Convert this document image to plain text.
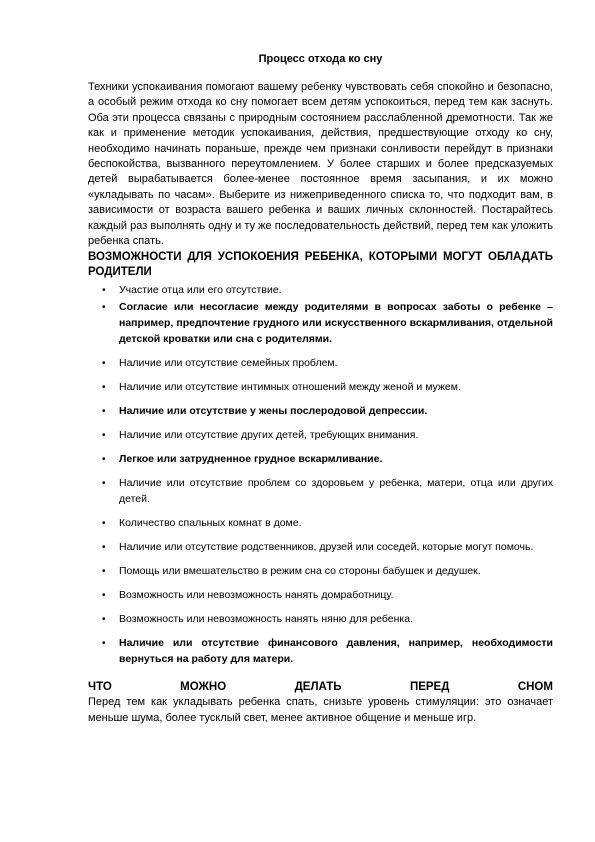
Процесс отхода ко сну

Техники успокаивания помогают вашему ребенку чувствовать себя спокойно и безопасно, а особый режим отхода ко сну помогает всем детям успокоиться, перед тем как заснуть. Оба эти процесса связаны с природным состоянием расслабленной дремотности. Так же как и применение методик успокаивания, действия, предшествующие отходу ко сну, необходимо начинать пораньше, прежде чем признаки сонливости перейдут в признаки беспокойства, вызванного переутомлением. У более старших и более предсказуемых детей вырабатывается более-менее постоянное время засыпания, и их можно «укладывать по часам». Выберите из нижеприведенного списка то, что подходит вам, в зависимости от возраста вашего ребенка и ваших личных склонностей. Постарайтесь каждый раз выполнять одну и ту же последовательность действий, перед тем как уложить ребенка спать.

ВОЗМОЖНОСТИ ДЛЯ УСПОКОЕНИЯ РЕБЕНКА, КОТОРЫМИ МОГУТ ОБЛАДАТЬ РОДИТЕЛИ

• Участие отца или его отсутствие.
• Согласие или несогласие между родителями в вопросах заботы о ребенке – например, предпочтение грудного или искусственного вскармливания, отдельной детской кроватки или сна с родителями.
• Наличие или отсутствие семейных проблем.
• Наличие или отсутствие интимных отношений между женой и мужем.
• Наличие или отсутствие у жены послеродовой депрессии.
• Наличие или отсутствие других детей, требующих внимания.
• Легкое или затрудненное грудное вскармливание.
• Наличие или отсутствие проблем со здоровьем у ребенка, матери, отца или других детей.
• Количество спальных комнат в доме.
• Наличие или отсутствие родственников, друзей или соседей, которые могут помочь.
• Помощь или вмешательство в режим сна со стороны бабушек и дедушек.
• Возможность или невозможность нанять домработницу.
• Возможность или невозможность нанять няню для ребенка.
• Наличие или отсутствие финансового давления, например, необходимости вернуться на работу для матери.
ЧТО	МОЖНО	ДЕЛАТЬ	ПЕРЕД	СНОМ

Перед тем как укладывать ребенка спать, снизьте уровень стимуляции: это означает меньше шума, более тусклый свет, менее активное общение и меньше игр.
